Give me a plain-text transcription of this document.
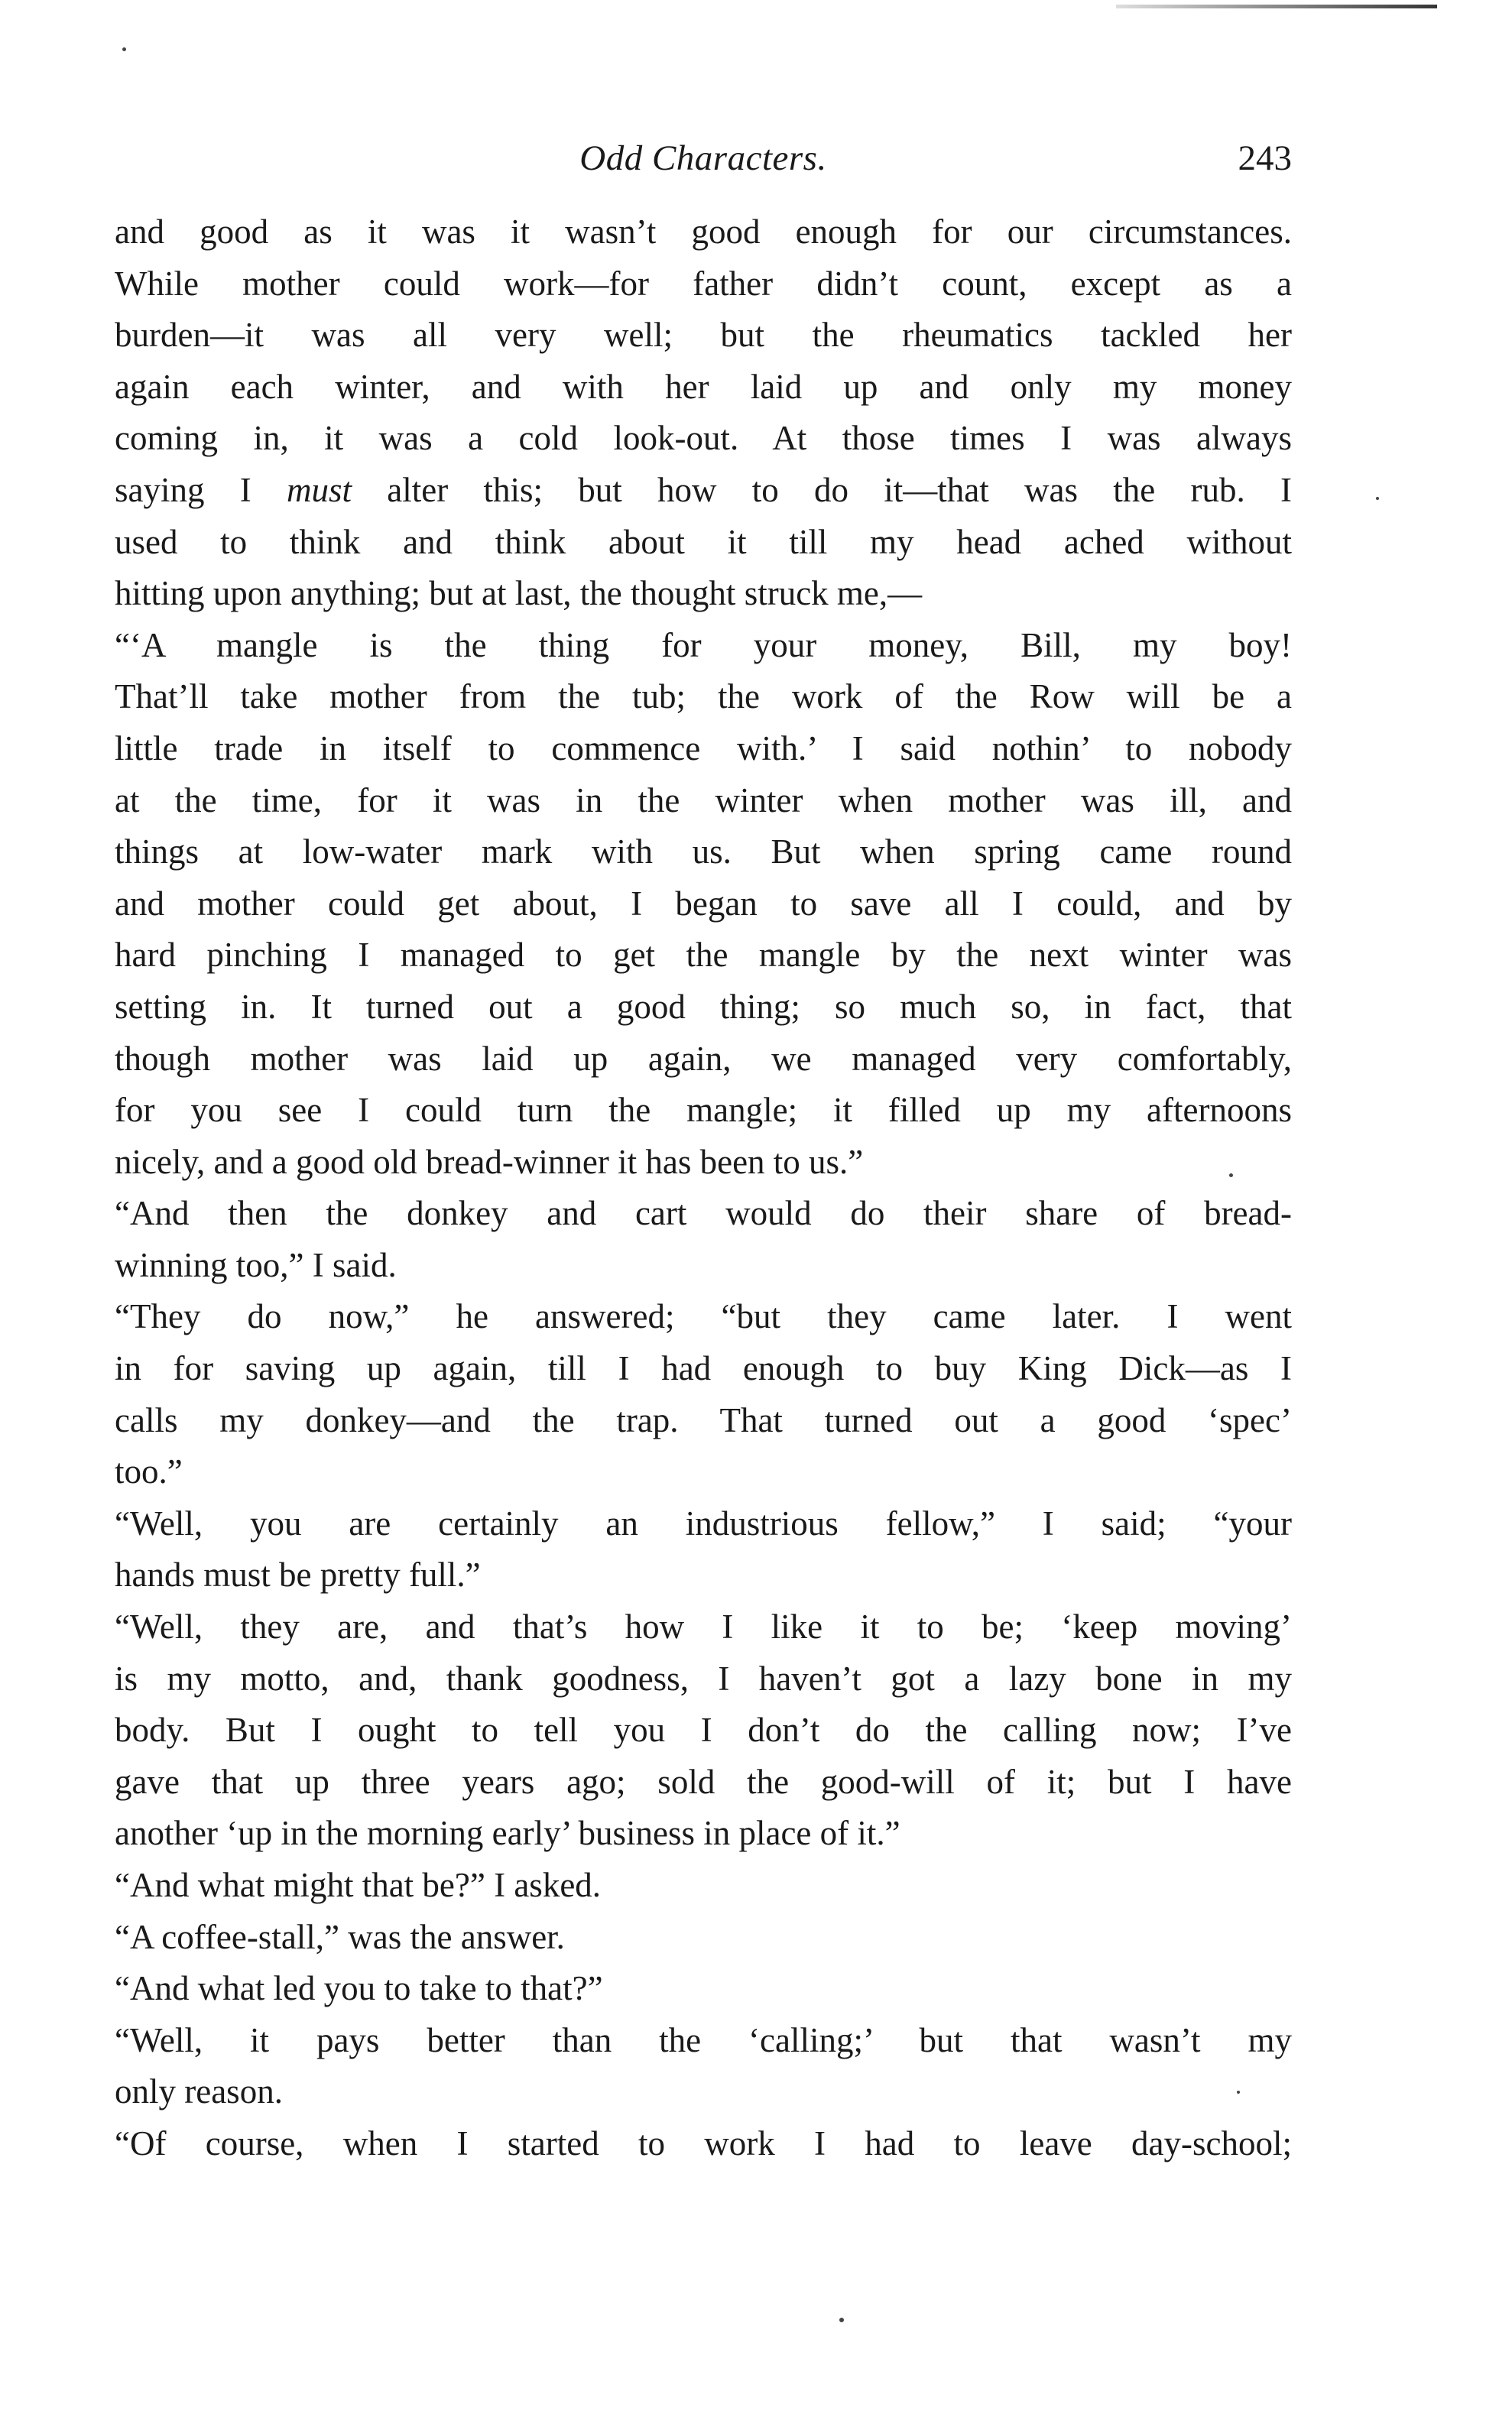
Odd Characters.	243
and good as it was it wasn’t good enough for our circumstances.
While mother could work—for father didn’t count, except as a
burden—it was all very well; but the rheumatics tackled her
again each winter, and with her laid up and only my money
coming in, it was a cold look-out. At those times I was always
saying I must alter this; but how to do it—that was the rub. I
used to think and think about it till my head ached without
hitting upon anything; but at last, the thought struck me,—
“‘A mangle is the thing for your money, Bill, my boy!
That’ll take mother from the tub; the work of the Row will be a
little trade in itself to commence with.’ I said nothin’ to nobody
at the time, for it was in the winter when mother was ill, and
things at low-water mark with us. But when spring came round
and mother could get about, I began to save all I could, and by
hard pinching I managed to get the mangle by the next winter was
setting in. It turned out a good thing; so much so, in fact, that
though mother was laid up again, we managed very comfortably,
for you see I could turn the mangle; it filled up my afternoons
nicely, and a good old bread-winner it has been to us.”
“And then the donkey and cart would do their share of bread-
winning too,” I said.
“They do now,” he answered; “but they came later. I went
in for saving up again, till I had enough to buy King Dick—as I
calls my donkey—and the trap. That turned out a good ‘spec’
too.”
“Well, you are certainly an industrious fellow,” I said; “your
hands must be pretty full.”
“Well, they are, and that’s how I like it to be; ‘keep moving’
is my motto, and, thank goodness, I haven’t got a lazy bone in my
body. But I ought to tell you I don’t do the calling now; I’ve
gave that up three years ago; sold the good-will of it; but I have
another ‘up in the morning early’ business in place of it.”
“And what might that be?” I asked.
“A coffee-stall,” was the answer.
“And what led you to take to that?”
“Well, it pays better than the ‘calling;’ but that wasn’t my
only reason.
“Of course, when I started to work I had to leave day-school;
